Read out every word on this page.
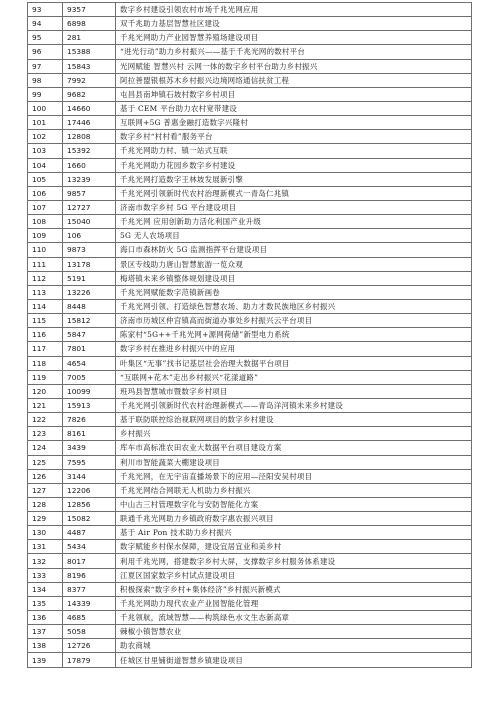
93	9357	数字乡村建设引领农村市场千兆光网应用
94	6898	双千兆助力基层智慧社区建设
95	281	千兆光网助力产业园智慧养殖场建设项目
96	15388	“进光行动”助力乡村振兴——基于千兆光网的数村平台
97	15843	光网赋能 智慧兴村 云网一体的数字乡村平台助力乡村振兴
98	7992	阿拉善盟银根苏木乡村振兴边境网络通信扶贫工程
99	9682	屯昌县南坤镇石坡村数字乡村项目
100	14660	基于 CEM 平台助力农村宽带建设
101	17446	互联网+5G 普惠金融打造数字兴隆村
102	12808	数字乡村“村村看”服务平台
103	15392	千兆光网助力村、镇一站式互联
104	1660	千兆光网助力花园乡数字乡村建设
105	13239	千兆光网打造数字王林坡发展新引擎
106	9857	千兆光网引领新时代农村治理新模式一青岛仁兆镇
107	12727	济南市数字乡村 5G 平台建设项目
108	15040	千兆光网 应用创新助力活化利国产业升级
109	106	5G 无人农场项目
110	9873	海口市森林防火 5G 监测指挥平台建设项目
111	13178	景区专线助力唐山智慧旅游一览众观
112	5191	梅塔镇未来乡镇整体规划建设项目
113	13226	千兆光网赋能数字范镇新画卷
114	8448	千兆光网引领、打造绿色智慧农场、助力才数民族地区乡村振兴
115	15812	济南市历城区仲宫镇高而街道办事处乡村振兴云平台项目
116	5847	陈家村“5G++千兆光网+源网荷储”新型电力系统
117	7801	数字乡村在推进乡村振兴中的应用
118	4654	叶集区“无事”找书记基层社会治理大数据平台项目
119	7005	“互联网+花木”走出乡村振兴“花漾道路”
120	10099	班玛县智慧城市暨数字乡村项目
121	15913	千兆光网引领新时代农村治理新模式——青岛洋河镇未来乡村建设
122	7826	基于联防联控综治视联网项目的数字乡村建设
123	8161	乡村振兴
124	3439	库车市高标准农田农业大数据平台项目建设方案
125	7595	利川市智能蔬菜大棚建设项目
126	3144	千兆光网，在无宇宙直播场景下的应用—泾阳安吴村项目
127	12206	千兆光网结合网联无人机助力乡村振兴
128	12856	中山古三村管理数字化与安防智能化方案
129	15082	联通千兆光网助力乡镇政府数字惠农振兴项目
130	4487	基于 Air Pon 技术助力乡村振兴
131	5434	数字赋能乡村保水保障，建设宜居宜业和美乡村
132	8017	利用千兆光网，搭建数字乡村大屏，支撑数字乡村服务体系建设
133	8196	江夏区国家数字乡村试点建设项目
134	8377	积极探索“数字乡村+集体经济”乡村振兴新模式
135	14339	千兆光网助力现代农业产业园智能化管理
136	4685	千兆领航，流域智慧——构筑绿色水文生态新高章
137	5058	棘椒小镇智慧农业
138	12726	助农商城
139	17879	任城区甘里铺街道智慧乡镇建设项目
